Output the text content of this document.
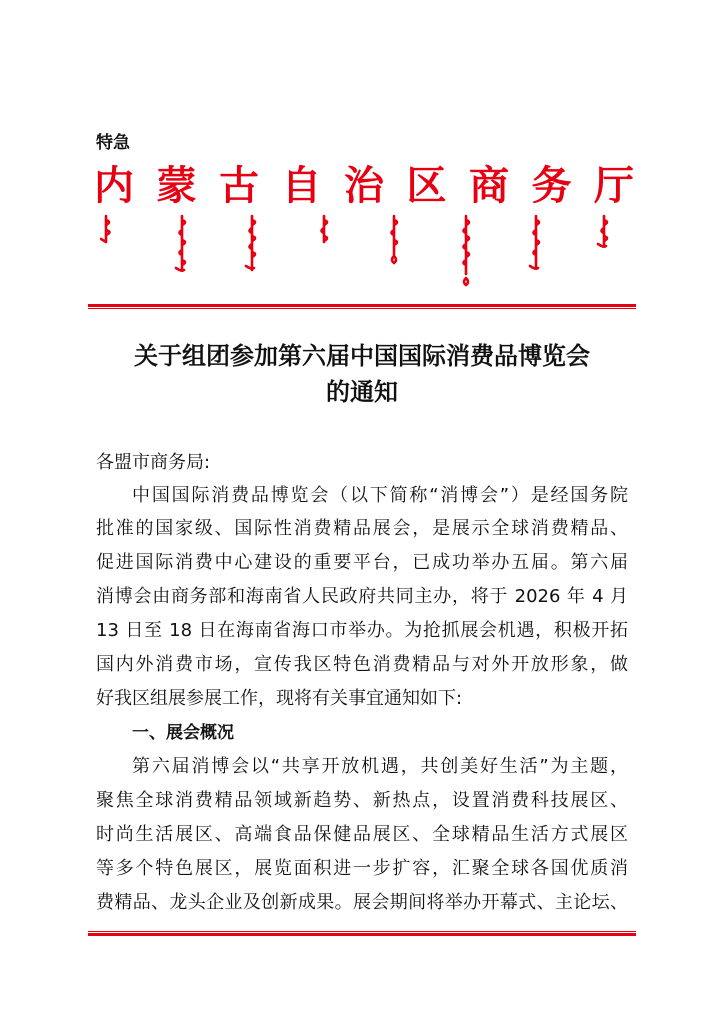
特急
内 蒙 古 自 治 区 商 务 厅
关于组团参加第六届中国国际消费品博览会
的通知
各盟市商务局:
中国国际消费品博览会（以下简称“消博会”）是经国务院
批准的国家级、国际性消费精品展会，是展示全球消费精品、
促进国际消费中心建设的重要平台，已成功举办五届。第六届
消博会由商务部和海南省人民政府共同主办，将于 2026 年 4 月
13 日至 18 日在海南省海口市举办。为抢抓展会机遇，积极开拓
国内外消费市场，宣传我区特色消费精品与对外开放形象，做
好我区组展参展工作，现将有关事宜通知如下:
一、展会概况
第六届消博会以“共享开放机遇，共创美好生活”为主题，
聚焦全球消费精品领域新趋势、新热点，设置消费科技展区、
时尚生活展区、高端食品保健品展区、全球精品生活方式展区
等多个特色展区，展览面积进一步扩容，汇聚全球各国优质消
费精品、龙头企业及创新成果。展会期间将举办开幕式、主论坛、
